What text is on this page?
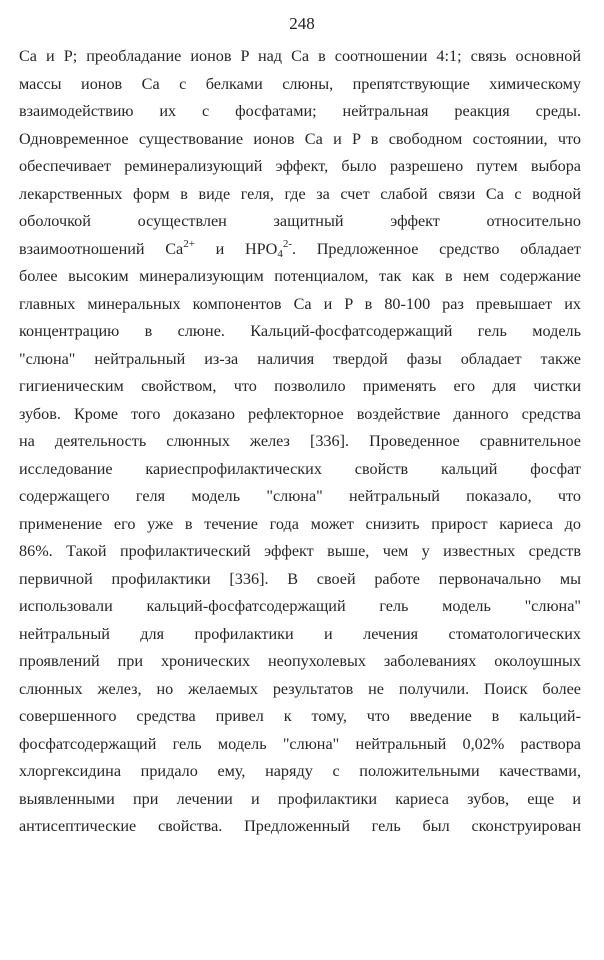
248
Ca и P; преобладание ионов P над Ca в соотношении 4:1; связь основной
массы ионов Ca с белками слюны, препятствующие химическому
взаимодействию их с фосфатами; нейтральная реакция среды.
Одновременное существование ионов Ca и P в свободном состоянии, что
обеспечивает реминерализующий эффект, было разрешено путем выбора
лекарственных форм в виде геля, где за счет слабой связи Ca с водной
оболочкой осуществлен защитный эффект относительно
взаимоотношений $Ca^{2+}$ и $HPO_4^{2-}$. Предложенное средство обладает
более высоким минерализующим потенциалом, так как в нем содержание
главных минеральных компонентов Ca и P в 80-100 раз превышает их
концентрацию в слюне. Кальций-фосфатсодержащий гель модель
"слюна" нейтральный из-за наличия твердой фазы обладает также
гигиеническим свойством, что позволило применять его для чистки
зубов. Кроме того доказано рефлекторное воздействие данного средства
на деятельность слюнных желез [336]. Проведенное сравнительное
исследование кариеспрофилактических свойств кальций фосфат
содержащего геля модель "слюна" нейтральный показало, что
применение его уже в течение года может снизить прирост кариеса до
86%. Такой профилактический эффект выше, чем у известных средств
первичной профилактики [336]. В своей работе первоначально мы
использовали кальций-фосфатсодержащий гель модель "слюна"
нейтральный для профилактики и лечения стоматологических
проявлений при хронических неопухолевых заболеваниях околоушных
слюнных желез, но желаемых результатов не получили. Поиск более
совершенного средства привел к тому, что введение в кальций-
фосфатсодержащий гель модель "слюна" нейтральный 0,02% раствора
хлоргексидина придало ему, наряду с положительными качествами,
выявленными при лечении и профилактики кариеса зубов, еще и
антисептические свойства. Предложенный гель был сконструирован
